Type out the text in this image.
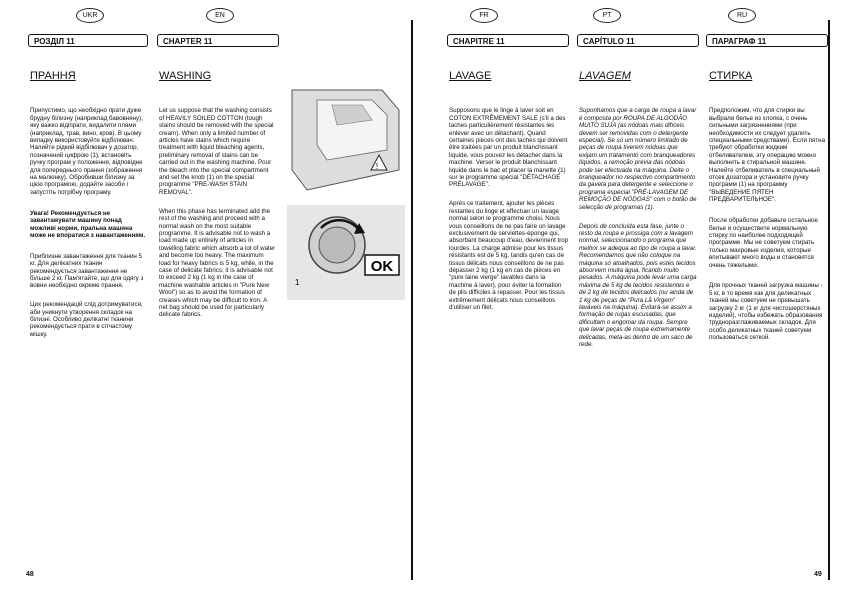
UKR	EN	FR	PT	RU
РОЗДІЛ 11	CHAPTER 11	CHAPITRE 11	CAPÍTULO 11	ПАРАГРАФ 11
ПРАННЯ	WASHING	LAVAGE	LAVAGEM	СТИРКА

Припустимо, що необхідно прати дуже брудну білизну (наприклад бавовняну), яку важко відіпрати, видалити плями (наприклад, трав, вино, кров). В цьому випадку використовуйте відбілювач. Налийте рідкий відбілювач у дозатор, позначений цифрою (1), встановіть ручку програм у положення, відповідне для попереднього прання (зображення на малюнку). Обробивши білизну за цією програмою, додайте засоби і запустіть потрібну програму.

Увага! Рекомендується не завантажувати машину понад можливі норми, пральна машина може не впоратися з навантаженням.

Приблизне завантаження для тканин 5 кг. Для делікатних тканин рекомендується завантаження не більше 2 кг. Пам'ятайте, що для одягу з вовни необхідно окреме прання.

Цих рекомендацій слід дотримуватися, аби уникнути утворення складок на білизні. Особливо делікатні тканини рекомендується прати в сітчастому мішку.

Let us suppose that the washing consists of HEAVILY SOILED COTTON (tough stains should be removed with the special cream). When only a limited number of articles have stains which require treatment with liquid bleaching agents, preliminary removal of stains can be carried out in the washing machine. Pour the bleach into the special compartment and set the knob (1) on the special programme "PRE-WASH STAIN REMOVAL".

When this phase has terminated add the rest of the washing and proceed with a normal wash on the most suitable programme. It is advisable not to wash a load made up entirely of articles in towelling fabric which absorb a lot of water and become too heavy. The maximum load for heavy fabrics is 5 kg, while, in the case of delicate fabrics, it is advisable not to exceed 2 kg (1 kg in the case of machine washable articles in "Pure New Wool") so as to avoid the formation of creases which may be difficult to iron. A net bag should be used for particularly delicate fabrics.

Supposons que le linge à laver soit en COTON EXTRÊMEMENT SALE (s'il a des taches particulièrement résistantes les enlever avec un détachant). Quand certaines pièces ont des taches qui doivent être traitées par un produit blanchissant liquide, vous pouvez les détacher dans la machine. Verser le produit blanchissant liquide dans le bac et placer la manette (1) sur le programme spécial "DÉTACHAGE PRÉLAVAGE".

Après ce traitement, ajouter les pièces restantes du linge et effectuer un lavage normal selon le programme choisi. Nous vous conseillons de ne pas faire un lavage exclusivement de serviettes-éponge qui, absorbant beaucoup d'eau, deviennent trop lourdes. La charge admise pour les tissus résistants est de 5 kg, tandis qu'en cas de tissus délicats nous conseillons de ne pas dépasser 2 kg (1 kg en cas de pièces en "pure laine vierge" lavables dans la machine à laver), pour éviter la formation de plis difficiles à repasser. Pour les tissus extrêmement délicats nous conseillons d'utiliser un filet.

Suponhamos que a carga de roupa a lavar é composta por ROUPA DE ALGODÃO MUITO SUJA (as nódoas mais difíceis devem ser removidas com o detergente especial). Se só um número limitado de peças de roupa tiverem nódoas que exijam um tratamento com branqueadores líquidos, a remoção prévia das nódoas pode ser efectuada na máquina. Deite o branqueador no respectivo compartimento da gaveta para detergente e seleccione o programa especial "PRÉ-LAVAGEM DE REMOÇÃO DE NÓDOAS" com o botão de selecção de programas (1).

Depois de concluída esta fase, junte o resto da roupa e prossiga com a lavagem normal, seleccionando o programa que melhor se adequa ao tipo de roupa a lavar. Recomendamos que não coloque na máquina só atoalhados, pois estes tecidos absorvem muita água, ficando muito pesados. A máquina pode levar uma carga máxima de 5 kg de tecidos resistentes e de 2 kg de tecidos delicados (ou ainda de 1 kg de peças de "Pura Lã Virgem" laváveis na máquina). Evitará-se assim a formação de rugas escusadas, que dificultam o engomar da roupa. Sempre que lavar peças de roupa extremamente delicadas, meta-as dentro de um saco de rede.

Предположим, что для стирки вы выбрали белье из хлопка, с очень сильными загрязнениями (при необходимости их следует удалить специальными средствами). Если пятна требуют обработки жидким отбеливателем, эту операцию можно выполнить в стиральной машине. Налейте отбеливатель в специальный отсек дозатора и установите ручку программ (1) на программу "ВЫВЕДЕНИЕ ПЯТЕН ПРЕДВАРИТЕЛЬНОЕ".

После обработки добавьте остальное белье и осуществите нормальную стирку по наиболее подходящей программе. Мы не советуем стирать только махровые изделия, которые впитывают много воды и становятся очень тяжелыми.

Для прочных тканей загрузка машины - 5 кг, в то время как для деликатных тканей мы советуем не превышать загрузку 2 кг (1 кг для чистошерстяных изделий), чтобы избежать образования трудноразглаживаемых складок. Для особо деликатных тканей советуем пользоваться сеткой.

!
OK
1
48	49
